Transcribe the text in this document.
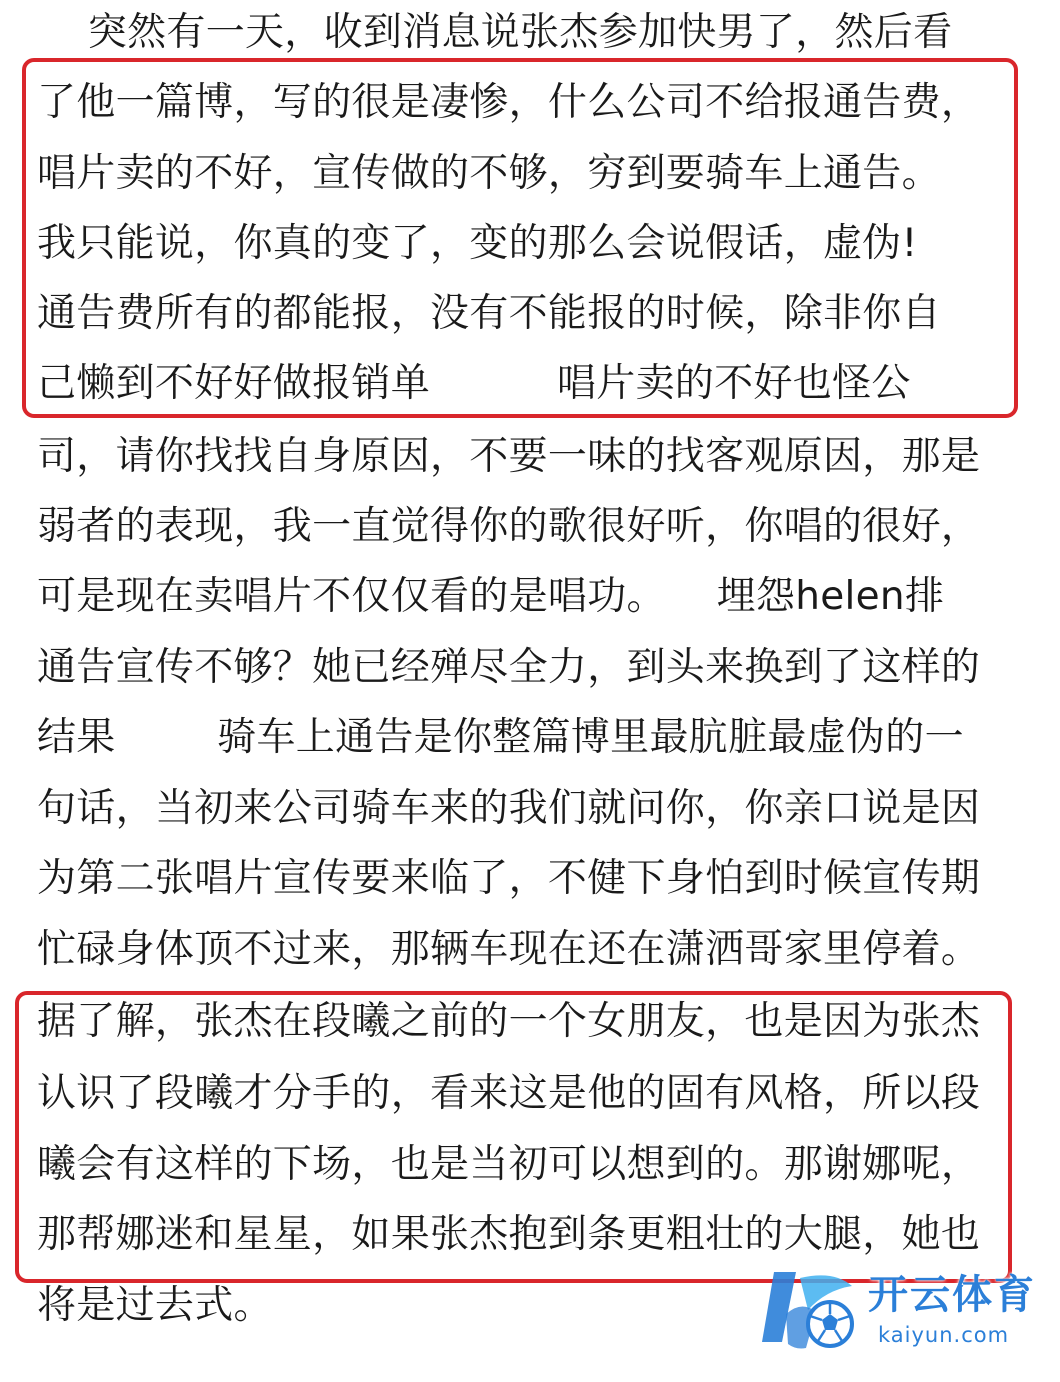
突然有一天，收到消息说张杰参加快男了，然后看
了他一篇博，写的很是凄惨，什么公司不给报通告费，
唱片卖的不好，宣传做的不够，穷到要骑车上通告。
我只能说，你真的变了，变的那么会说假话，虚伪!
通告费所有的都能报，没有不能报的时候，除非你自
己懒到不好好做报销单          唱片卖的不好也怪公
司，请你找找自身原因，不要一味的找客观原因，那是
弱者的表现，我一直觉得你的歌很好听，你唱的很好，
可是现在卖唱片不仅仅看的是唱功。    埋怨helen排
通告宣传不够？她已经殚尽全力，到头来换到了这样的
结果        骑车上通告是你整篇博里最肮脏最虚伪的一
句话，当初来公司骑车来的我们就问你，你亲口说是因
为第二张唱片宣传要来临了，不健下身怕到时候宣传期
忙碌身体顶不过来，那辆车现在还在潇洒哥家里停着。
据了解，张杰在段曦之前的一个女朋友，也是因为张杰
认识了段曦才分手的，看来这是他的固有风格，所以段
曦会有这样的下场，也是当初可以想到的。那谢娜呢，
那帮娜迷和星星，如果张杰抱到条更粗壮的大腿，她也
将是过去式。	开云体育
kaiyun.com
